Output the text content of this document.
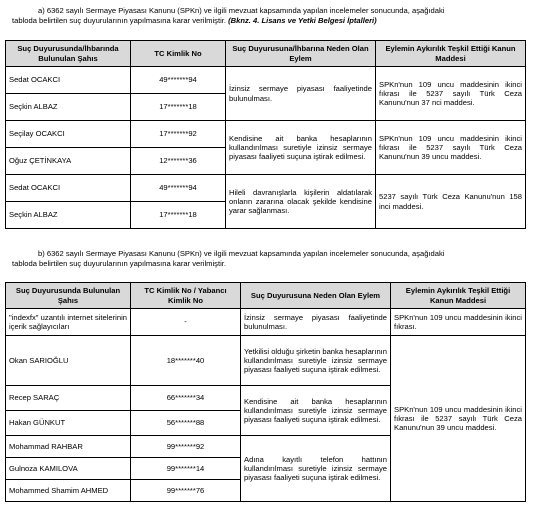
a) 6362 sayılı Sermaye Piyasası Kanunu (SPKn) ve ilgili mevzuat kapsamında yapılan incelemeler sonucunda, aşağıdaki
tabloda belirtilen suç duyurularının yapılmasına karar verilmiştir. (Bknz. 4. Lisans ve Yetki Belgesi İptalleri)
Suç Duyurusunda/İhbarında Bulunulan Şahıs	TC Kimlik No	Suç Duyurusuna/İhbarına Neden Olan Eylem	Eylemin Aykırılık Teşkil Ettiği Kanun Maddesi
Sedat OCAKCI	49*******94	İzinsiz sermaye piyasası faaliyetinde bulunulması.	SPKn'nun 109 uncu maddesinin ikinci fıkrası ile 5237 sayılı Türk Ceza Kanunu'nun 37 nci maddesi.
Seçkin ALBAZ	17*******18		
Seçilay OCAKCI	17*******92	Kendisine ait banka hesaplarının kullandırılması suretiyle izinsiz sermaye piyasası faaliyeti suçuna iştirak edilmesi.	SPKn'nun 109 uncu maddesinin ikinci fıkrası ile 5237 sayılı Türk Ceza Kanunu'nun 39 uncu maddesi.
Oğuz ÇETİNKAYA	12*******36		
Sedat OCAKCI	49*******94	Hileli davranışlarla kişilerin aldatılarak onların zararına olacak şekilde kendisine yarar sağlanması.	5237 sayılı Türk Ceza Kanunu'nun 158 inci maddesi.
Seçkin ALBAZ	17*******18		
b) 6362 sayılı Sermaye Piyasası Kanunu (SPKn) ve ilgili mevzuat kapsamında yapılan incelemeler sonucunda, aşağıdaki
tabloda belirtilen suç duyurularının yapılmasına karar verilmiştir.
Suç Duyurusunda Bulunulan Şahıs	TC Kimlik No / Yabancı Kimlik No	Suç Duyurusuna Neden Olan Eylem	Eylemin Aykırılık Teşkil Ettiği Kanun Maddesi
"indexfx" uzantılı internet sitelerinin içerik sağlayıcıları	-	İzinsiz sermaye piyasası faaliyetinde bulunulması.	SPKn'nun 109 uncu maddesinin ikinci fıkrası.
Okan SARIOĞLU	18*******40	Yetkilisi olduğu şirketin banka hesaplarının kullandırılması suretiyle izinsiz sermaye piyasası faaliyeti suçuna iştirak edilmesi.	SPKn'nun 109 uncu maddesinin ikinci fıkrası ile 5237 sayılı Türk Ceza Kanunu'nun 39 uncu maddesi.
Recep SARAÇ	66*******34	Kendisine ait banka hesaplarının kullandırılması suretiyle izinsiz sermaye piyasası faaliyeti suçuna iştirak edilmesi.	
Hakan GÜNKUT	56*******88		
Mohammad RAHBAR	99*******92	Adına kayıtlı telefon hattının kullandırılması suretiyle izinsiz sermaye piyasası faaliyeti suçuna iştirak edilmesi.	
Gulnoza KAMILOVA	99*******14		
Mohammed Shamim AHMED	99*******76		
